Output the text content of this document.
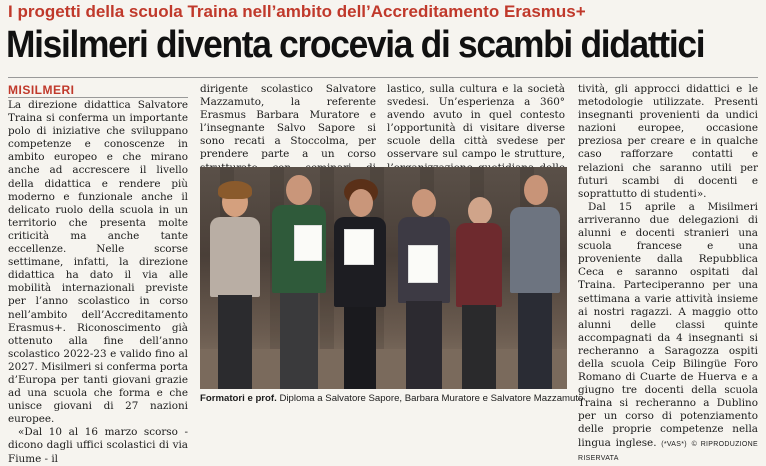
I progetti della scuola Traina nell’ambito dell’Accreditamento Erasmus+
Misilmeri diventa crocevia di scambi didattici
MISILMERI

La direzione didattica Salvatore Traina si conferma un importante polo di iniziative che sviluppano competenze e conoscenze in ambito europeo e che mirano anche ad accrescere il livello della didattica e rendere più moderno e funzionale anche il delicato ruolo della scuola in un territorio che presenta molte criticità ma anche tante eccellenze. Nelle scorse settimane, infatti, la direzione didattica ha dato il via alle mobilità internazionali previste per l’anno scolastico in corso nell’ambito dell’Accreditamento Erasmus+. Riconoscimento già ottenuto alla fine dell’anno scolastico 2022-23 e valido fino al 2027. Misilmeri si conferma porta d’Europa per tanti giovani grazie ad una scuola che forma e che unisce giovani di 27 nazioni europee.

«Dal 10 al 16 marzo scorso - dicono dagli uffici scolastici di via Fiume - il

dirigente scolastico Salvatore Mazzamuto, la referente Erasmus Barbara Muratore e l’insegnante Salvo Sapore si sono recati a Stoccolma, per prendere parte a un corso

lastico, sulla cultura e la società svedesi. Un’esperienza a 360° avendo avuto in quel contesto l’opportunità di visitare diverse scuole della città svedese per osservare sul campo le strutture,

tività, gli approcci didattici e le metodologie utilizzate. Presenti insegnanti provenienti da undici nazioni europee, occasione preziosa per creare e in qualche caso rafforzare contatti e relazioni che saranno utili per futuri scambi di docenti e soprattutto di studenti».

Dal 15 aprile a Misilmeri arriveranno due delegazioni di alunni e docenti stranieri una scuola francese e una proveniente dalla Repubblica Ceca e saranno ospitati dal Traina. Parteciperanno per una settimana a varie attività insieme ai nostri ragazzi. A maggio otto alunni delle classi quinte accompagnati da 4 insegnanti si recheranno a Saragozza ospiti della scuola Ceip Bilingüe Foro Romano di Cuarte de Huerva e a giugno tre docenti della scuola Traina si recheranno a Dublino per un corso di potenziamento delle proprie competenze nella lingua inglese. (*VAS*) © RIPRODUZIONE RISERVATA

Formatori e prof. Diploma a Salvatore Sapore, Barbara Muratore e Salvatore Mazzamuto
